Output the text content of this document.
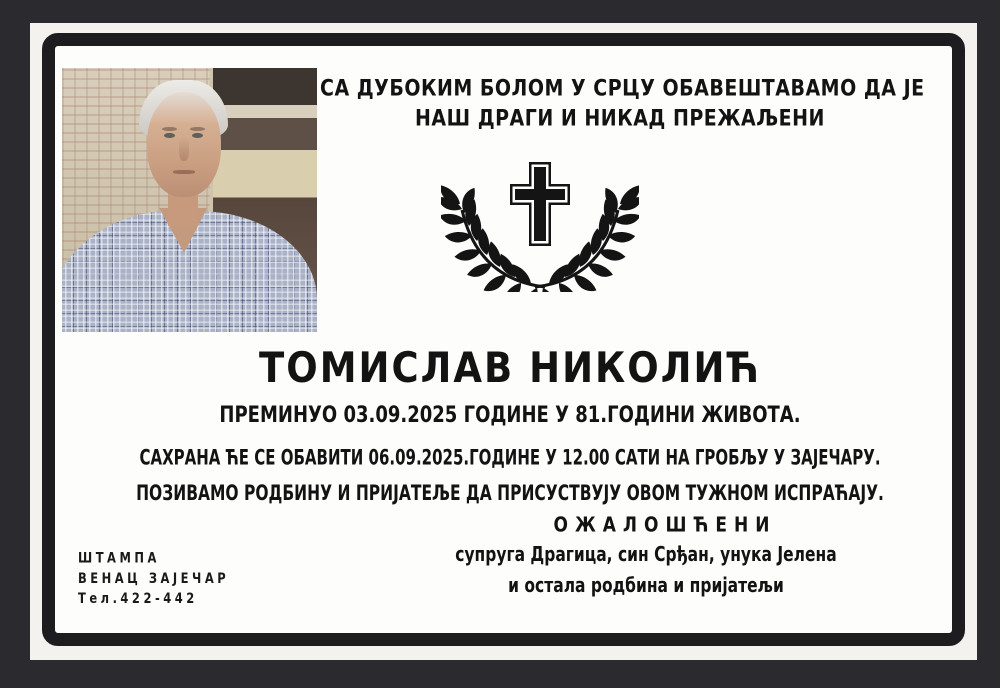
СА ДУБОКИМ БОЛОМ У СРЦУ ОБАВЕШТАВАМО ДА ЈЕ
НАШ ДРАГИ И НИКАД ПРЕЖАЉЕНИ
ТОМИСЛАВ НИКОЛИЋ
ПРЕМИНУО 03.09.2025 ГОДИНЕ У 81.ГОДИНИ ЖИВОТА.
САХРАНА ЋЕ СЕ ОБАВИТИ 06.09.2025.ГОДИНЕ У 12.00 САТИ НА ГРОБЉУ У ЗАЈЕЧАРУ.
ПОЗИВАМО РОДБИНУ И ПРИЈАТЕЉЕ ДА ПРИСУСТВУЈУ ОВОМ ТУЖНОМ ИСПРАЋАЈУ.
ОЖАЛОШЋЕНИ
супруга Драгица, син Срђан, унука Јелена
и остала родбина и пријатељи
ШТАМПА
ВЕНАЦ ЗАЈЕЧАР
Тел.422-442
